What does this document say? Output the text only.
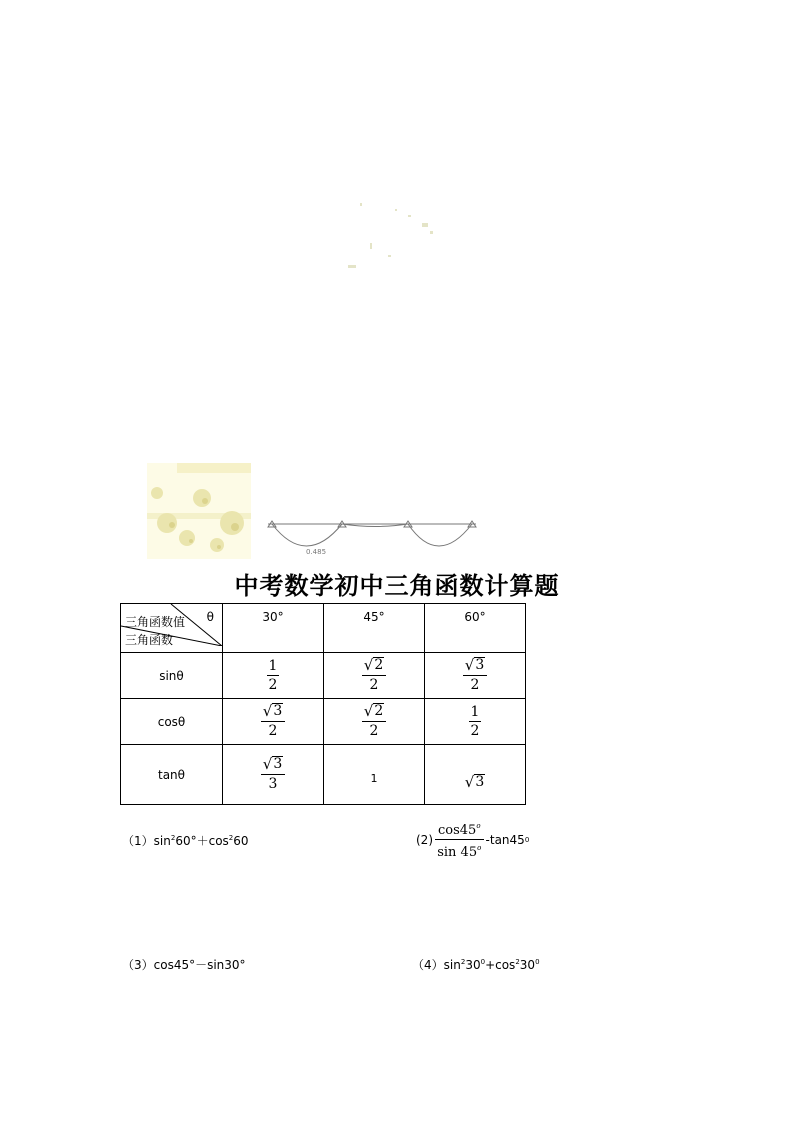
0.485
中考数学初中三角函数计算题
θ
三角函数值
三角函数	30°	45°	60°
sinθ	$\frac{1}{2}$	$\frac{√ 2}{2}$	$\frac{√ 3}{2}$

cosθ	$\frac{√ 3}{2}$	$\frac{√ 2}{2}$	$\frac{1}{2}$

tanθ	$\frac{√ 3}{3}$	1	√ 3
$(1)\sin^260^\circ+\cos^260$	$(2) \frac{\cos 45^o}{\sin 45^o} -\tan 45$ 0
（3）cos45°－sin30°	$(4)\sin^230^0+\cos^230^0$
